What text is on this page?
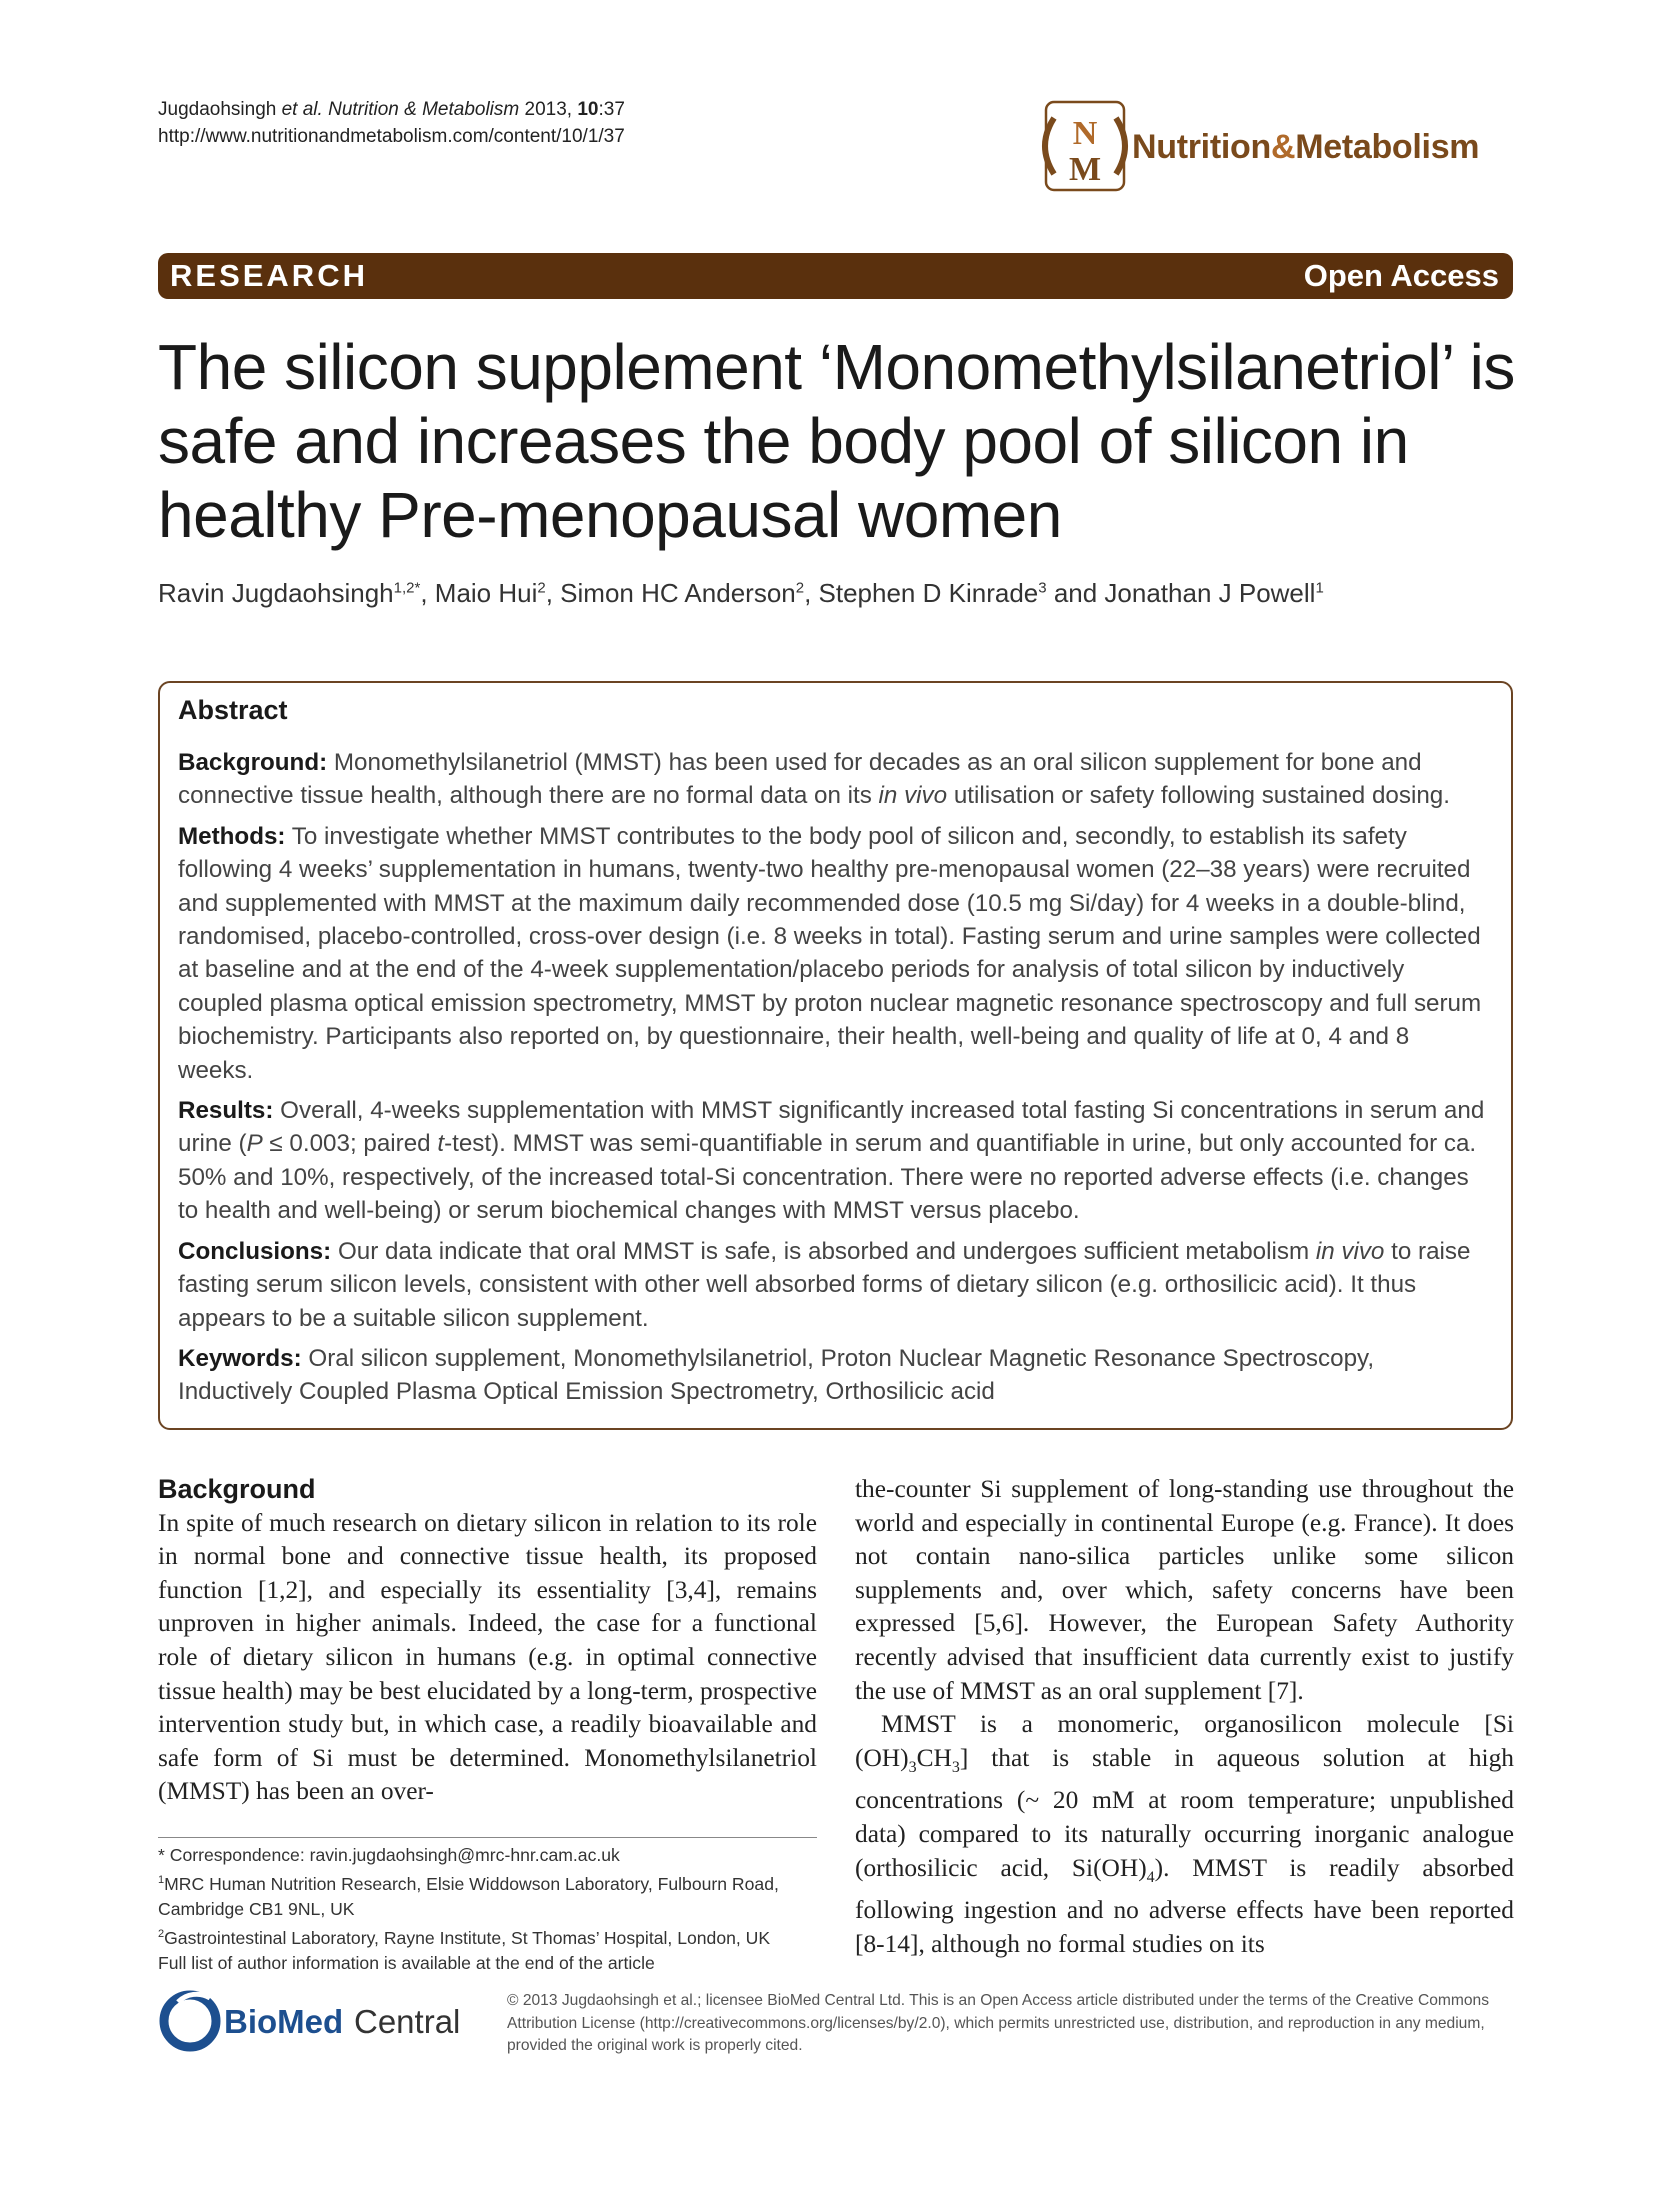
Jugdaohsingh et al. Nutrition & Metabolism 2013, 10:37
http://www.nutritionandmetabolism.com/content/10/1/37	N
M
Nutrition&Metabolism
RESEARCH	Open Access
The silicon supplement ‘Monomethylsilanetriol’ is
safe and increases the body pool of silicon in
healthy Pre-menopausal women
Ravin Jugdaohsingh$^{1,2*}$, Maio Hui$^2$, Simon HC Anderson$^2$, Stephen D Kinrade$^3$ and Jonathan J Powell$^1$
Abstract

Background: Monomethylsilanetriol (MMST) has been used for decades as an oral silicon supplement for bone and connective tissue health, although there are no formal data on its in vivo utilisation or safety following sustained dosing.

Methods: To investigate whether MMST contributes to the body pool of silicon and, secondly, to establish its safety following 4 weeks’ supplementation in humans, twenty-two healthy pre-menopausal women (22–38 years) were recruited and supplemented with MMST at the maximum daily recommended dose (10.5 mg Si/day) for 4 weeks in a double-blind, randomised, placebo-controlled, cross-over design (i.e. 8 weeks in total). Fasting serum and urine samples were collected at baseline and at the end of the 4-week supplementation/placebo periods for analysis of total silicon by inductively coupled plasma optical emission spectrometry, MMST by proton nuclear magnetic resonance spectroscopy and full serum biochemistry. Participants also reported on, by questionnaire, their health, well-being and quality of life at 0, 4 and 8 weeks.

Results: Overall, 4-weeks supplementation with MMST significantly increased total fasting Si concentrations in serum and urine (P ≤ 0.003; paired t-test). MMST was semi-quantifiable in serum and quantifiable in urine, but only accounted for ca. 50% and 10%, respectively, of the increased total-Si concentration. There were no reported adverse effects (i.e. changes to health and well-being) or serum biochemical changes with MMST versus placebo.

Conclusions: Our data indicate that oral MMST is safe, is absorbed and undergoes sufficient metabolism in vivo to raise fasting serum silicon levels, consistent with other well absorbed forms of dietary silicon (e.g. orthosilicic acid). It thus appears to be a suitable silicon supplement.

Keywords: Oral silicon supplement, Monomethylsilanetriol, Proton Nuclear Magnetic Resonance Spectroscopy, Inductively Coupled Plasma Optical Emission Spectrometry, Orthosilicic acid

Background
In spite of much research on dietary silicon in relation to its role in normal bone and connective tissue health, its proposed function [1,2], and especially its essentiality [3,4], remains unproven in higher animals. Indeed, the case for a functional role of dietary silicon in humans (e.g. in optimal connective tissue health) may be best elucidated by a long-term, prospective intervention study but, in which case, a readily bioavailable and safe form of Si must be determined. Monomethylsilanetriol (MMST) has been an over-
the-counter Si supplement of long-standing use throughout the world and especially in continental Europe (e.g. France). It does not contain nano-silica particles unlike some silicon supplements and, over which, safety concerns have been expressed [5,6]. However, the European Safety Authority recently advised that insufficient data currently exist to justify the use of MMST as an oral supplement [7].
MMST is a monomeric, organosilicon molecule [Si $(OH)_3CH_3$] that is stable in aqueous solution at high concentrations (~ 20 mM at room temperature; unpublished data) compared to its naturally occurring inorganic analogue (orthosilicic acid, $Si(OH)_4$). MMST is readily absorbed following ingestion and no adverse effects have been reported [8-14], although no formal studies on its
* Correspondence: ravin.jugdaohsingh@mrc-hnr.cam.ac.uk
$^1$MRC Human Nutrition Research, Elsie Widdowson Laboratory, Fulbourn Road, Cambridge CB1 9NL, UK
$^2$Gastrointestinal Laboratory, Rayne Institute, St Thomas’ Hospital, London, UK
Full list of author information is available at the end of the article
BioMed Central
© 2013 Jugdaohsingh et al.; licensee BioMed Central Ltd. This is an Open Access article distributed under the terms of the Creative Commons Attribution License (http://creativecommons.org/licenses/by/2.0), which permits unrestricted use, distribution, and reproduction in any medium, provided the original work is properly cited.
